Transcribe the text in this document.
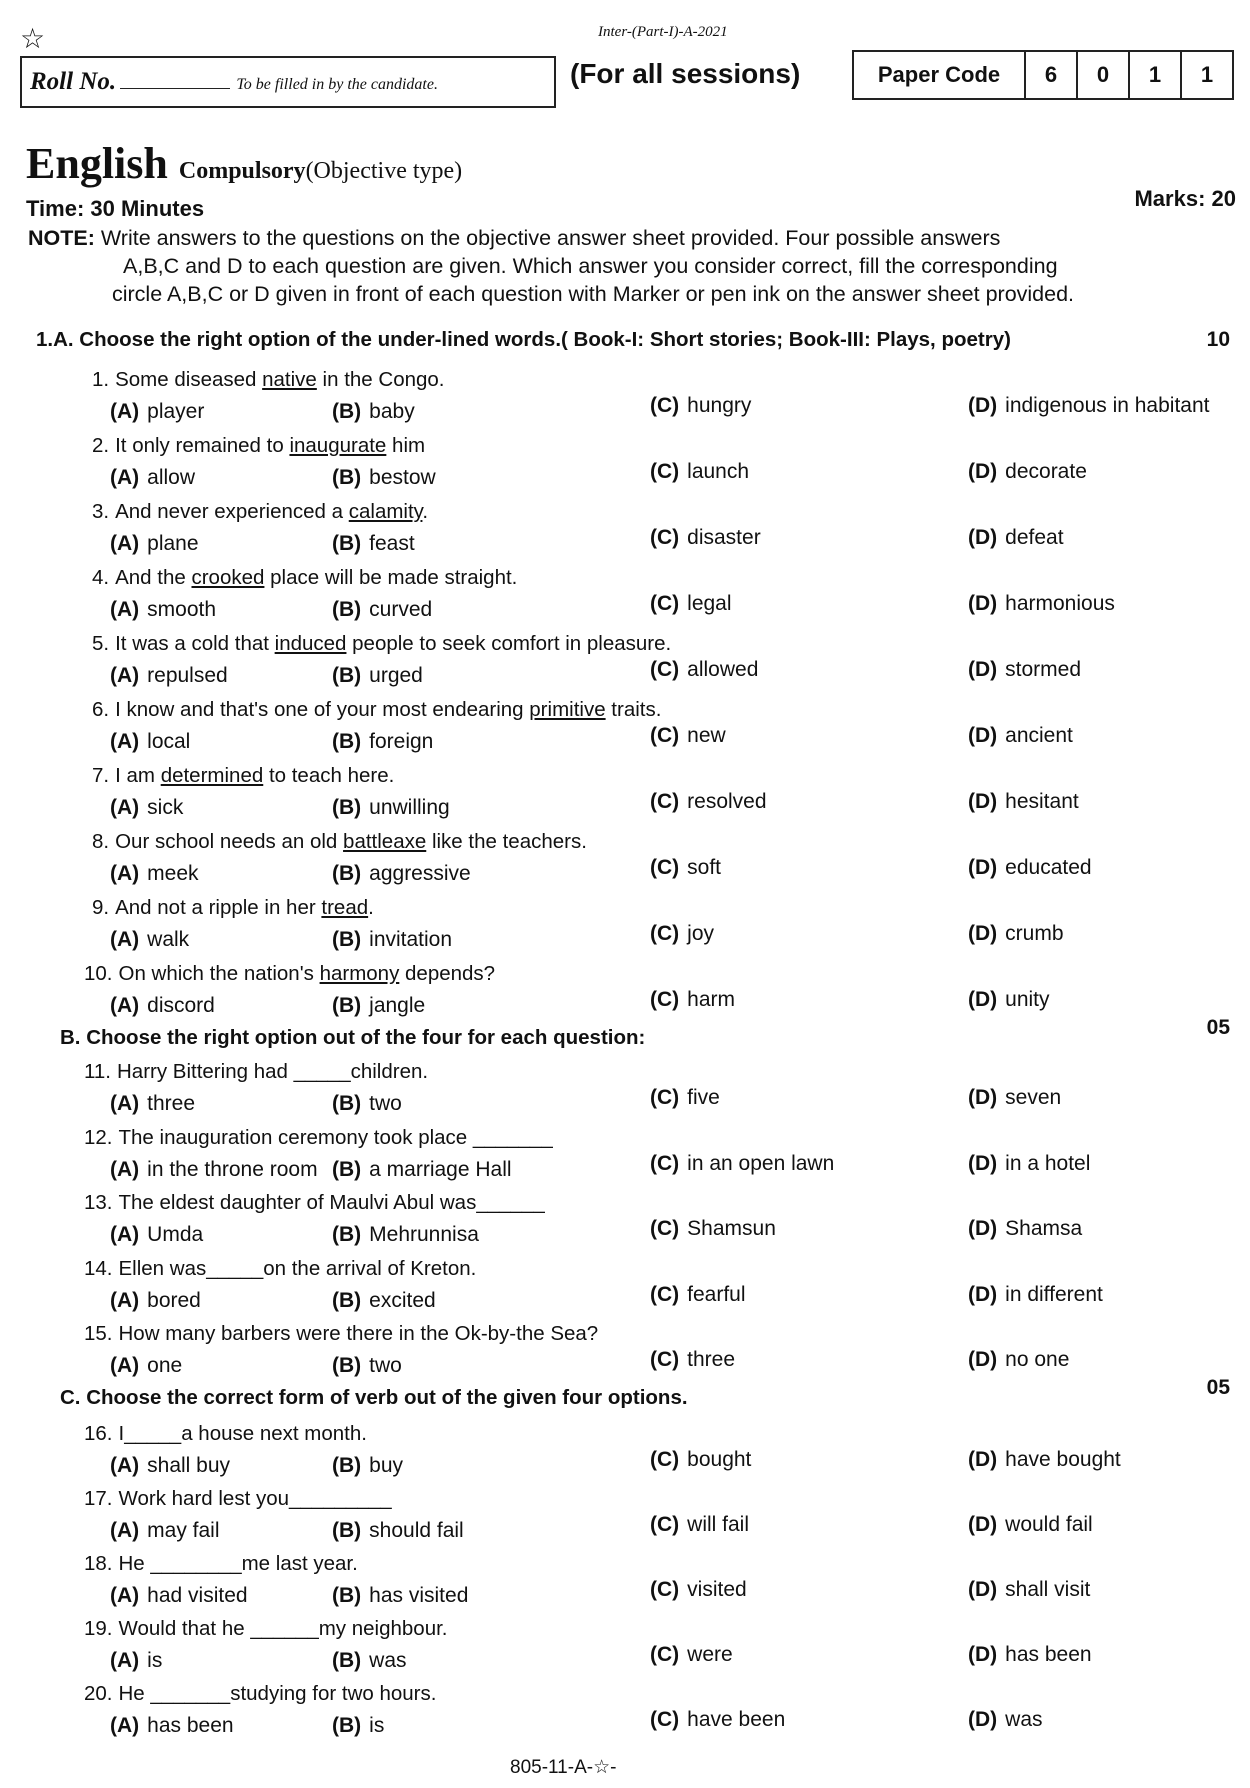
☆	Inter-(Part-I)-A-2021
Roll No.	To be filled in by the candidate.	(For all sessions)	Paper Code	6	0	1	1
English Compulsory(Objective type)
Time: 30 Minutes	Marks: 20
NOTE: Write answers to the questions on the objective answer sheet provided. Four possible answers
A,B,C and D to each question are given. Which answer you consider correct, fill the corresponding
circle A,B,C or D given in front of each question with Marker or pen ink on the answer sheet provided.
1.A. Choose the right option of the under-lined words.( Book-I: Short stories; Book-III: Plays, poetry)	10
B. Choose the right option out of the four for each question:	05
C. Choose the correct form of verb out of the given four options.	05
1. Some diseased native in the Congo.
(A) player	(B) baby	(C) hungry	(D) indigenous in habitant
2. It only remained to inaugurate him
(A) allow	(B) bestow	(C) launch	(D) decorate
3. And never experienced a calamity.
(A) plane	(B) feast	(C) disaster	(D) defeat
4. And the crooked place will be made straight.
(A) smooth	(B) curved	(C) legal	(D) harmonious
5. It was a cold that induced people to seek comfort in pleasure.
(A) repulsed	(B) urged	(C) allowed	(D) stormed
6. I know and that's one of your most endearing primitive traits.
(A) local	(B) foreign	(C) new	(D) ancient
7. I am determined to teach here.
(A) sick	(B) unwilling	(C) resolved	(D) hesitant
8. Our school needs an old battleaxe like the teachers.
(A) meek	(B) aggressive	(C) soft	(D) educated
9. And not a ripple in her tread.
(A) walk	(B) invitation	(C) joy	(D) crumb
10. On which the nation's harmony depends?
(A) discord	(B) jangle	(C) harm	(D) unity
11. Harry Bittering had _____children.
(A) three	(B) two	(C) five	(D) seven
12. The inauguration ceremony took place _______
(A) in the throne room (B) a marriage Hall	(C) in an open lawn	(D) in a hotel
13. The eldest daughter of Maulvi Abul was______
(A) Umda	(B) Mehrunnisa	(C) Shamsun	(D) Shamsa
14. Ellen was_____on the arrival of Kreton.
(A) bored	(B) excited	(C) fearful	(D) in different
15. How many barbers were there in the Ok-by-the Sea?
(A) one	(B) two	(C) three	(D) no one
16. I_____a house next month.
(A) shall buy	(B) buy	(C) bought	(D) have bought
17. Work hard lest you_________
(A) may fail	(B) should fail	(C) will fail	(D) would fail
18. He ________me last year.
(A) had visited	(B) has visited	(C) visited	(D) shall visit
19. Would that he ______my neighbour.
(A) is	(B) was	(C) were	(D) has been
20. He _______studying for two hours.
(A) has been	(B) is	(C) have been	(D) was
805-11-A-☆-
